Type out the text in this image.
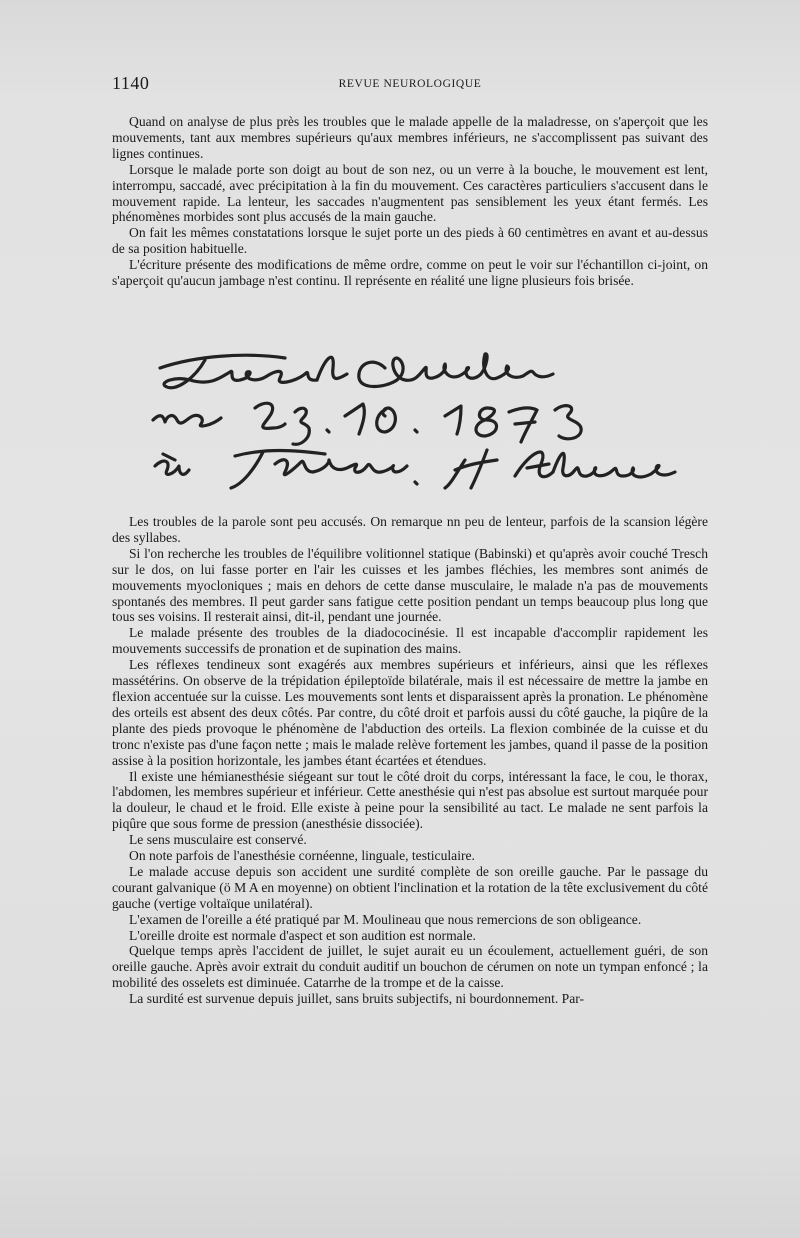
1140	REVUE NEUROLOGIQUE

Quand on analyse de plus près les troubles que le malade appelle de la maladresse, on s'aperçoit que les mouvements, tant aux membres supérieurs qu'aux membres inférieurs, ne s'accomplissent pas suivant des lignes continues.

Lorsque le malade porte son doigt au bout de son nez, ou un verre à la bouche, le mouvement est lent, interrompu, saccadé, avec précipitation à la fin du mouvement. Ces caractères particuliers s'accusent dans le mouvement rapide. La lenteur, les saccades n'augmentent pas sensiblement les yeux étant fermés. Les phénomènes morbides sont plus accusés de la main gauche.

On fait les mêmes constatations lorsque le sujet porte un des pieds à 60 centimètres en avant et au-dessus de sa position habituelle.

L'écriture présente des modifications de même ordre, comme on peut le voir sur l'échantillon ci-joint, on s'aperçoit qu'aucun jambage n'est continu. Il représente en réalité une ligne plusieurs fois brisée.

Les troubles de la parole sont peu accusés. On remarque nn peu de lenteur, parfois de la scansion légère des syllabes.

Si l'on recherche les troubles de l'équilibre volitionnel statique (Babinski) et qu'après avoir couché Tresch sur le dos, on lui fasse porter en l'air les cuisses et les jambes fléchies, les membres sont animés de mouvements myocloniques ; mais en dehors de cette danse musculaire, le malade n'a pas de mouvements spontanés des membres. Il peut garder sans fatigue cette position pendant un temps beaucoup plus long que tous ses voisins. Il resterait ainsi, dit-il, pendant une journée.

Le malade présente des troubles de la diadococinésie. Il est incapable d'accomplir rapidement les mouvements successifs de pronation et de supination des mains.

Les réflexes tendineux sont exagérés aux membres supérieurs et inférieurs, ainsi que les réflexes massétérins. On observe de la trépidation épileptoïde bilatérale, mais il est nécessaire de mettre la jambe en flexion accentuée sur la cuisse. Les mouvements sont lents et disparaissent après la pronation. Le phénomène des orteils est absent des deux côtés. Par contre, du côté droit et parfois aussi du côté gauche, la piqûre de la plante des pieds provoque le phénomène de l'abduction des orteils. La flexion combinée de la cuisse et du tronc n'existe pas d'une façon nette ; mais le malade relève fortement les jambes, quand il passe de la position assise à la position horizontale, les jambes étant écartées et étendues.

Il existe une hémianesthésie siégeant sur tout le côté droit du corps, intéressant la face, le cou, le thorax, l'abdomen, les membres supérieur et inférieur. Cette anesthésie qui n'est pas absolue est surtout marquée pour la douleur, le chaud et le froid. Elle existe à peine pour la sensibilité au tact. Le malade ne sent parfois la piqûre que sous forme de pression (anesthésie dissociée).

Le sens musculaire est conservé.

On note parfois de l'anesthésie cornéenne, linguale, testiculaire.

Le malade accuse depuis son accident une surdité complète de son oreille gauche. Par le passage du courant galvanique (ö M A en moyenne) on obtient l'inclination et la rotation de la tête exclusivement du côté gauche (vertige voltaïque unilatéral).

L'examen de l'oreille a été pratiqué par M. Moulineau que nous remercions de son obligeance.

L'oreille droite est normale d'aspect et son audition est normale.

Quelque temps après l'accident de juillet, le sujet aurait eu un écoulement, actuellement guéri, de son oreille gauche. Après avoir extrait du conduit auditif un bouchon de cérumen on note un tympan enfoncé ; la mobilité des osselets est diminuée. Catarrhe de la trompe et de la caisse.

La surdité est survenue depuis juillet, sans bruits subjectifs, ni bourdonnement. Par-
